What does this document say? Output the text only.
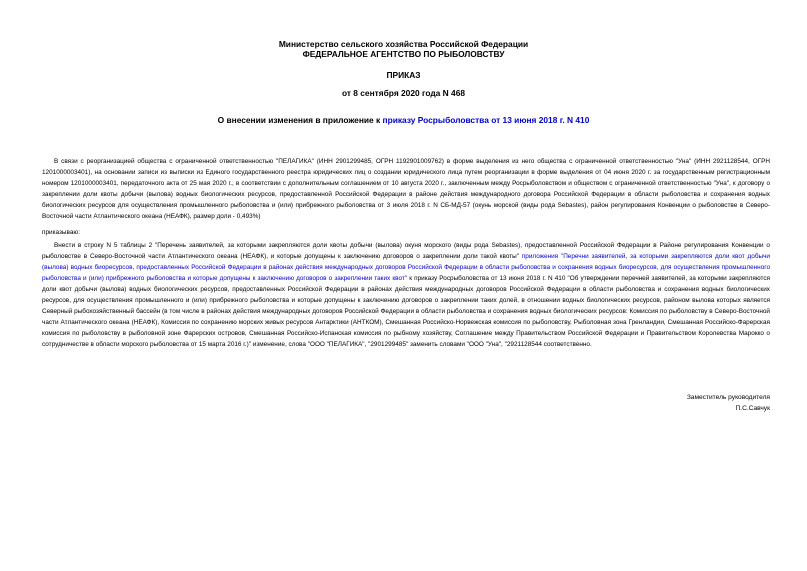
Министерство сельского хозяйства Российской Федерации
ФЕДЕРАЛЬНОЕ АГЕНТСТВО ПО РЫБОЛОВСТВУ
ПРИКАЗ
от 8 сентября 2020 года N 468
О внесении изменения в приложение к приказу Росрыболовства от 13 июня 2018 г. N 410

В связи с реорганизацией общества с ограниченной ответственностью "ПЕЛАГИКА" (ИНН 2901299485, ОГРН 1192901009762) в форме выделения из него общества с ограниченной ответственностью "Уна" (ИНН 2921128544, ОГРН 1201000003401), на основании записи из выписки из Единого государственного реестра юридических лиц о создании юридического лица путем реорганизации в форме выделения от 04 июня 2020 г. за государственным регистрационным номером 1201000003401, передаточного акта от 25 мая 2020 г., в соответствии с дополнительным соглашением от 10 августа 2020 г., заключенным между Росрыболовством и обществом с ограниченной ответственностью "Уна", к договору о закреплении доли квоты добычи (вылова) водных биологических ресурсов, предоставленной Российской Федерации в районе действия международного договора Российской Федерации в области рыболовства и сохранения водных биологических ресурсов для осуществления промышленного рыболовства и (или) прибрежного рыболовства от 3 июля 2018 г. N СБ-МД-57 (окунь морской (виды рода Sebastes), район регулирования Конвенции о рыболовстве в Северо-Восточной части Атлантического океана (НЕАФК), размер доли - 0,493%)

приказываю:

Внести в строку N 5 таблицы 2 "Перечень заявителей, за которыми закрепляются доли квоты добычи (вылова) окуня морского (виды рода Sebastes), предоставленной Российской Федерации в Районе регулирования Конвенции о рыболовстве в Северо-Восточной части Атлантического океана (НЕАФК), и которые допущены к заключению договоров о закреплении доли такой квоты" приложения "Перечни заявителей, за которыми закрепляются доли квот добычи (вылова) водных биоресурсов, предоставленных Российской Федерации в районах действия международных договоров Российской Федерации в области рыболовства и сохранения водных биоресурсов, для осуществления промышленного рыболовства и (или) прибрежного рыболовства и которые допущены к заключению договоров о закреплении таких квот" к приказу Росрыболовства от 13 июня 2018 г. N 410 "Об утверждении перечней заявителей, за которыми закрепляются доли квот добычи (вылова) водных биологических ресурсов, предоставленных Российской Федерации в районах действия международных договоров Российской Федерации в области рыболовства и сохранения водных биологических ресурсов, для осуществления промышленного и (или) прибрежного рыболовства и которые допущены к заключению договоров о закреплении таких долей, в отношении водных биологических ресурсов, районом вылова которых является Северный рыбохозяйственный бассейн (в том числе в районах действия международных договоров Российской Федерации в области рыболовства и сохранения водных биологических ресурсов: Комиссия по рыболовству в Северо-Восточной части Атлантического океана (НЕАФК), Комиссия по сохранению морских живых ресурсов Антарктики (АНТКОМ), Смешанная Российско-Норвежская комиссия по рыболовству, Рыболовная зона Гренландии, Смешанная Российско-Фарерская комиссия по рыболовству в рыболовной зоне Фарерских островов, Смешанная Российско-Испанская комиссия по рыбному хозяйству, Соглашение между Правительством Российской Федерации и Правительством Королевства Марокко о сотрудничестве в области морского рыболовства от 15 марта 2016 г.)" изменение, слова "ООО "ПЕЛАГИКА", "2901299485" заменить словами "ООО "Уна", "2921128544 соответственно.

Заместитель руководителя
П.С.Савчук
